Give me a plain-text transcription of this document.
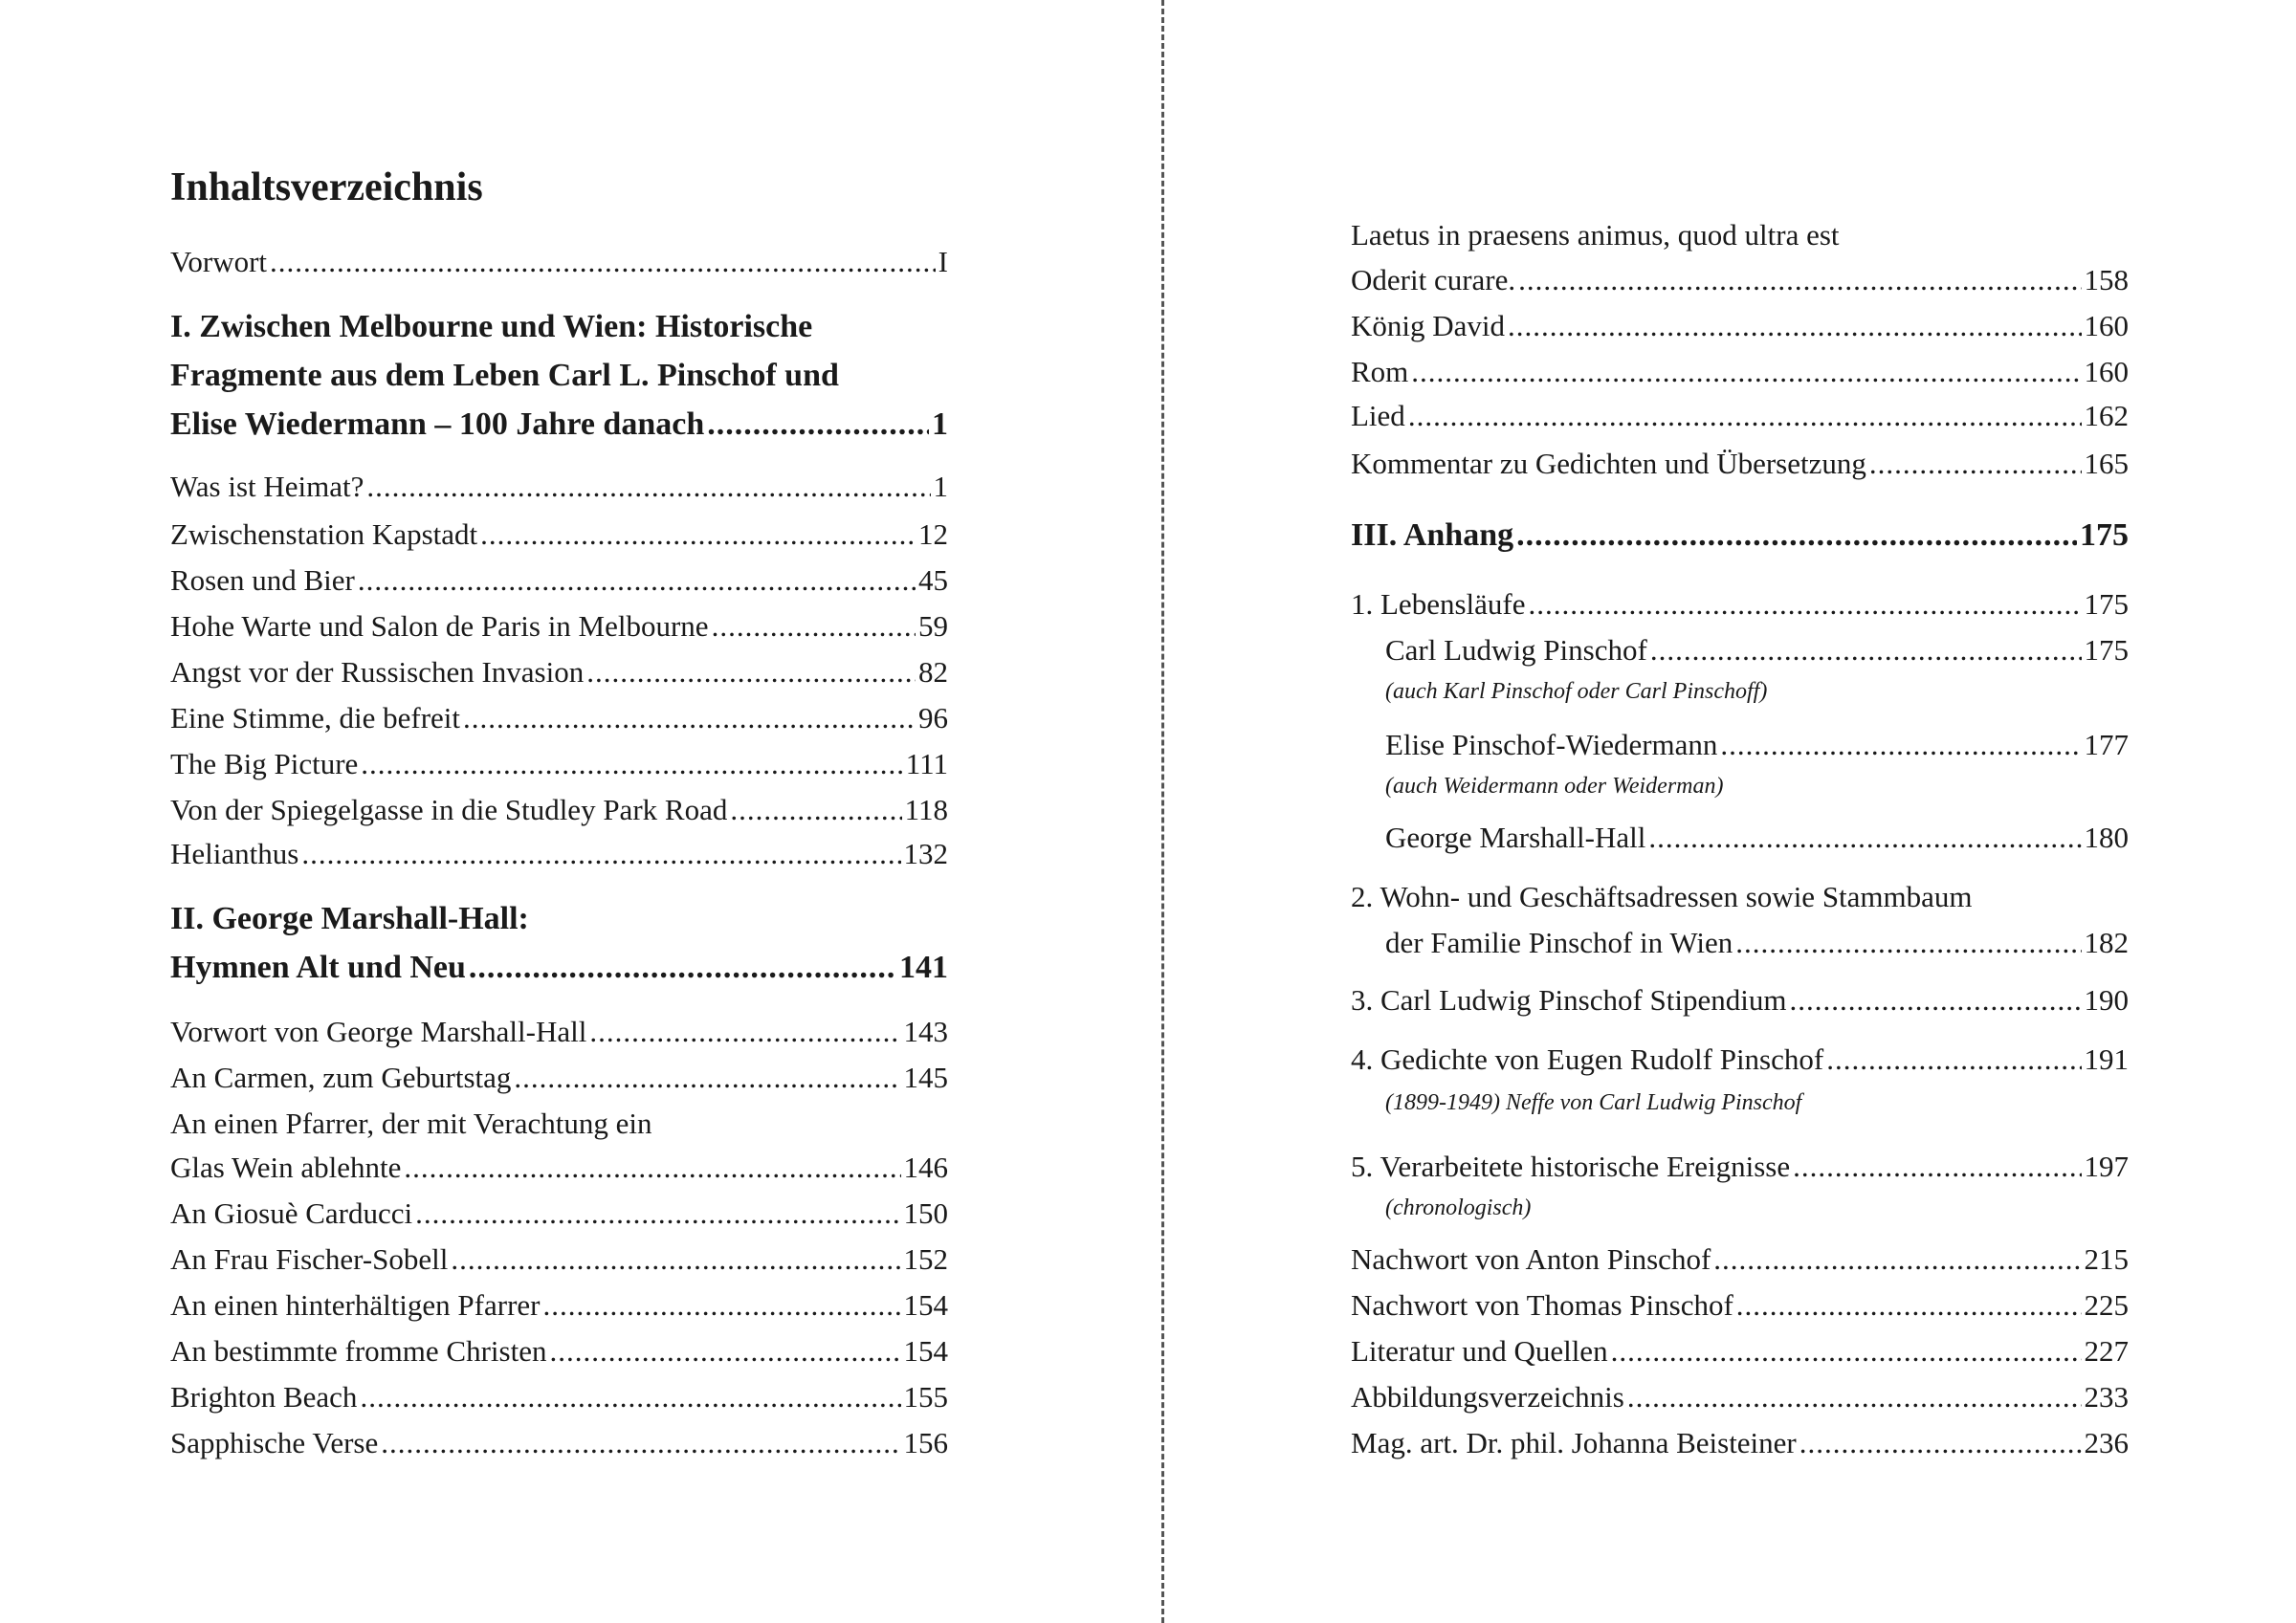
Inhaltsverzeichnis
Vorwort .....	I
I. Zwischen Melbourne und Wien: Historische
Fragmente aus dem Leben Carl L. Pinschof und
Elise Wiedermann – 100 Jahre danach .....	1
Was ist Heimat? .....	1
Zwischenstation Kapstadt .....	12
Rosen und Bier .....	45
Hohe Warte und Salon de Paris in Melbourne .....	59
Angst vor der Russischen Invasion .....	82
Eine Stimme, die befreit .....	96
The Big Picture .....	111
Von der Spiegelgasse in die Studley Park Road .....	118
Helianthus .....	132
II. George Marshall-Hall:
Hymnen Alt und Neu .....	141
Vorwort von George Marshall-Hall .....	143
An Carmen, zum Geburtstag .....	145
An einen Pfarrer, der mit Verachtung ein
Glas Wein ablehnte .....	146
An Giosuè Carducci .....	150
An Frau Fischer-Sobell .....	152
An einen hinterhältigen Pfarrer .....	154
An bestimmte fromme Christen .....	154
Brighton Beach .....	155
Sapphische Verse .....	156
Laetus in praesens animus, quod ultra est
Oderit curare. .....	158
König David .....	160
Rom .....	160
Lied .....	162
Kommentar zu Gedichten und Übersetzung .....	165
III. Anhang .....	175
1. Lebensläufe .....	175
Carl Ludwig Pinschof .....	175
(auch Karl Pinschof oder Carl Pinschoff)
Elise Pinschof-Wiedermann .....	177
(auch Weidermann oder Weiderman)
George Marshall-Hall .....	180
2. Wohn- und Geschäftsadressen sowie Stammbaum
der Familie Pinschof in Wien .....	182
3. Carl Ludwig Pinschof Stipendium .....	190
4. Gedichte von Eugen Rudolf Pinschof .....	191
(1899-1949) Neffe von Carl Ludwig Pinschof
5. Verarbeitete historische Ereignisse .....	197
(chronologisch)
Nachwort von Anton Pinschof .....	215
Nachwort von Thomas Pinschof .....	225
Literatur und Quellen .....	227
Abbildungsverzeichnis .....	233
Mag. art. Dr. phil. Johanna Beisteiner .....	236
